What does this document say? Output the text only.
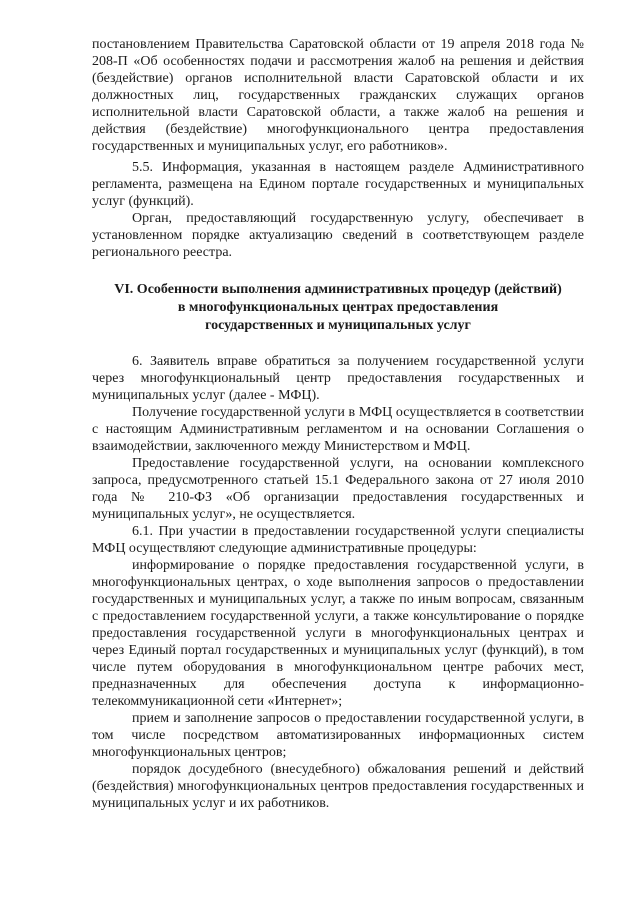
постановлением Правительства Саратовской области от 19 апреля 2018 года № 208-П «Об особенностях подачи и рассмотрения жалоб на решения и действия (бездействие) органов исполнительной власти Саратовской области и их должностных лиц, государственных гражданских служащих органов исполнительной власти Саратовской области, а также жалоб на решения и действия (бездействие) многофункционального центра предоставления государственных и муниципальных услуг, его работников».

5.5. Информация, указанная в настоящем разделе Административного регламента, размещена на Едином портале государственных и муниципальных услуг (функций).

Орган, предоставляющий государственную услугу, обеспечивает в установленном порядке актуализацию сведений в соответствующем разделе регионального реестра.

VI. Особенности выполнения административных процедур (действий)
в многофункциональных центрах предоставления
государственных и муниципальных услуг

6. Заявитель вправе обратиться за получением государственной услуги через многофункциональный центр предоставления государственных и муниципальных услуг (далее - МФЦ).

Получение государственной услуги в МФЦ осуществляется в соответствии с настоящим Административным регламентом и на основании Соглашения о взаимодействии, заключенного между Министерством и МФЦ.

Предоставление государственной услуги, на основании комплексного запроса, предусмотренного статьей 15.1 Федерального закона от 27 июля 2010 года № 210-ФЗ «Об организации предоставления государственных и муниципальных услуг», не осуществляется.

6.1. При участии в предоставлении государственной услуги специалисты МФЦ осуществляют следующие административные процедуры:

информирование о порядке предоставления государственной услуги, в многофункциональных центрах, о ходе выполнения запросов о предоставлении государственных и муниципальных услуг, а также по иным вопросам, связанным с предоставлением государственной услуги, а также консультирование о порядке предоставления государственной услуги в многофункциональных центрах и через Единый портал государственных и муниципальных услуг (функций), в том числе путем оборудования в многофункциональном центре рабочих мест, предназначенных для обеспечения доступа к информационно-телекоммуникационной сети «Интернет»;

прием и заполнение запросов о предоставлении государственной услуги, в том числе посредством автоматизированных информационных систем многофункциональных центров;

порядок досудебного (внесудебного) обжалования решений и действий (бездействия) многофункциональных центров предоставления государственных и муниципальных услуг и их работников.
